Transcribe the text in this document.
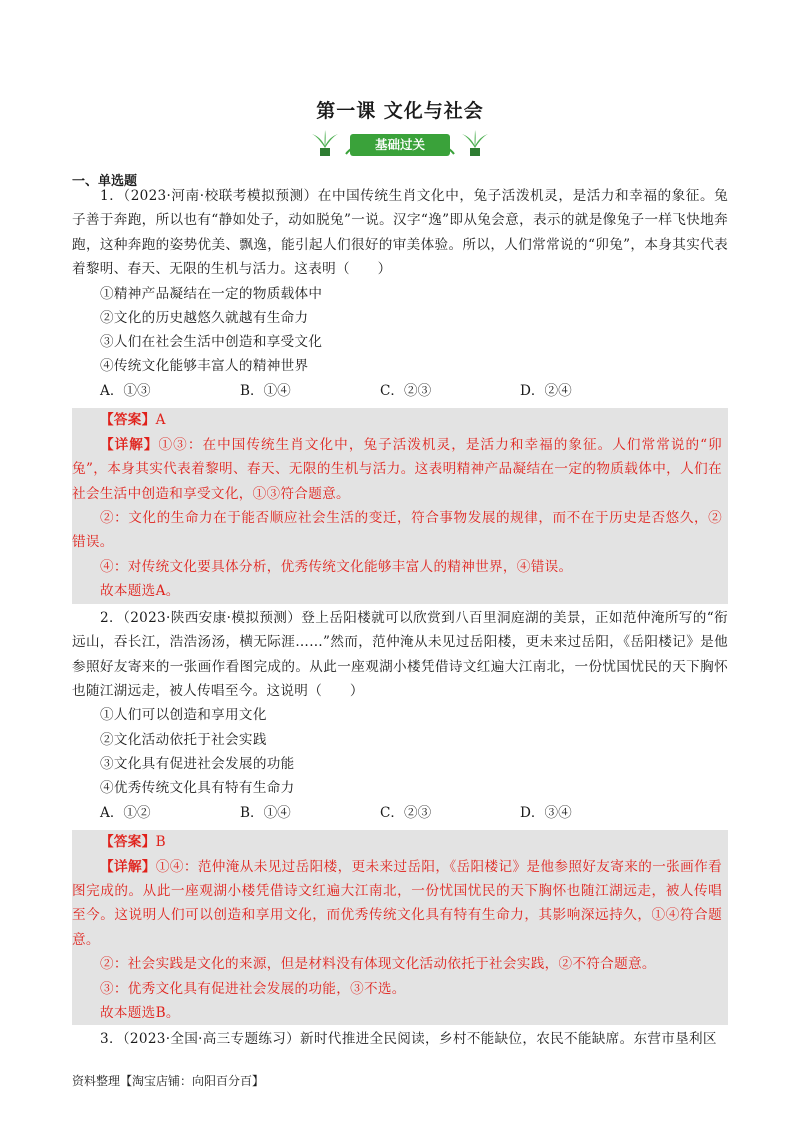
第一课 文化与社会
基础过关
一、单选题

1．（2023·河南·校联考模拟预测）在中国传统生肖文化中，兔子活泼机灵，是活力和幸福的象征。兔子善于奔跑，所以也有“静如处子，动如脱兔”一说。汉字“逸”即从兔会意，表示的就是像兔子一样飞快地奔跑，这种奔跑的姿势优美、飘逸，能引起人们很好的审美体验。所以，人们常常说的“卯兔”，本身其实代表着黎明、春天、无限的生机与活力。这表明（　　）

①精神产品凝结在一定的物质载体中

②文化的历史越悠久就越有生命力

③人们在社会生活中创造和享受文化

④传统文化能够丰富人的精神世界

A．①③	B．①④	C．②③	D．②④

【答案】A

【详解】①③：在中国传统生肖文化中，兔子活泼机灵，是活力和幸福的象征。人们常常说的“卯兔”，本身其实代表着黎明、春天、无限的生机与活力。这表明精神产品凝结在一定的物质载体中，人们在社会生活中创造和享受文化，①③符合题意。

②：文化的生命力在于能否顺应社会生活的变迁，符合事物发展的规律，而不在于历史是否悠久，②错误。

④：对传统文化要具体分析，优秀传统文化能够丰富人的精神世界，④错误。

故本题选A。

2．（2023·陕西安康·模拟预测）登上岳阳楼就可以欣赏到八百里洞庭湖的美景，正如范仲淹所写的“衔远山，吞长江，浩浩汤汤，横无际涯……”然而，范仲淹从未见过岳阳楼，更未来过岳阳，《岳阳楼记》是他参照好友寄来的一张画作看图完成的。从此一座观湖小楼凭借诗文红遍大江南北，一份忧国忧民的天下胸怀也随江湖远走，被人传唱至今。这说明（　　）

①人们可以创造和享用文化

②文化活动依托于社会实践

③文化具有促进社会发展的功能

④优秀传统文化具有特有生命力

A．①②	B．①④	C．②③	D．③④

【答案】B

【详解】①④：范仲淹从未见过岳阳楼，更未来过岳阳，《岳阳楼记》是他参照好友寄来的一张画作看图完成的。从此一座观湖小楼凭借诗文红遍大江南北，一份忧国忧民的天下胸怀也随江湖远走，被人传唱至今。这说明人们可以创造和享用文化，而优秀传统文化具有特有生命力，其影响深远持久，①④符合题意。

②：社会实践是文化的来源，但是材料没有体现文化活动依托于社会实践，②不符合题意。

③：优秀文化具有促进社会发展的功能，③不选。

故本题选B。

3．（2023·全国·高三专题练习）新时代推进全民阅读，乡村不能缺位，农民不能缺席。东营市垦利区

资料整理【淘宝店铺：向阳百分百】
